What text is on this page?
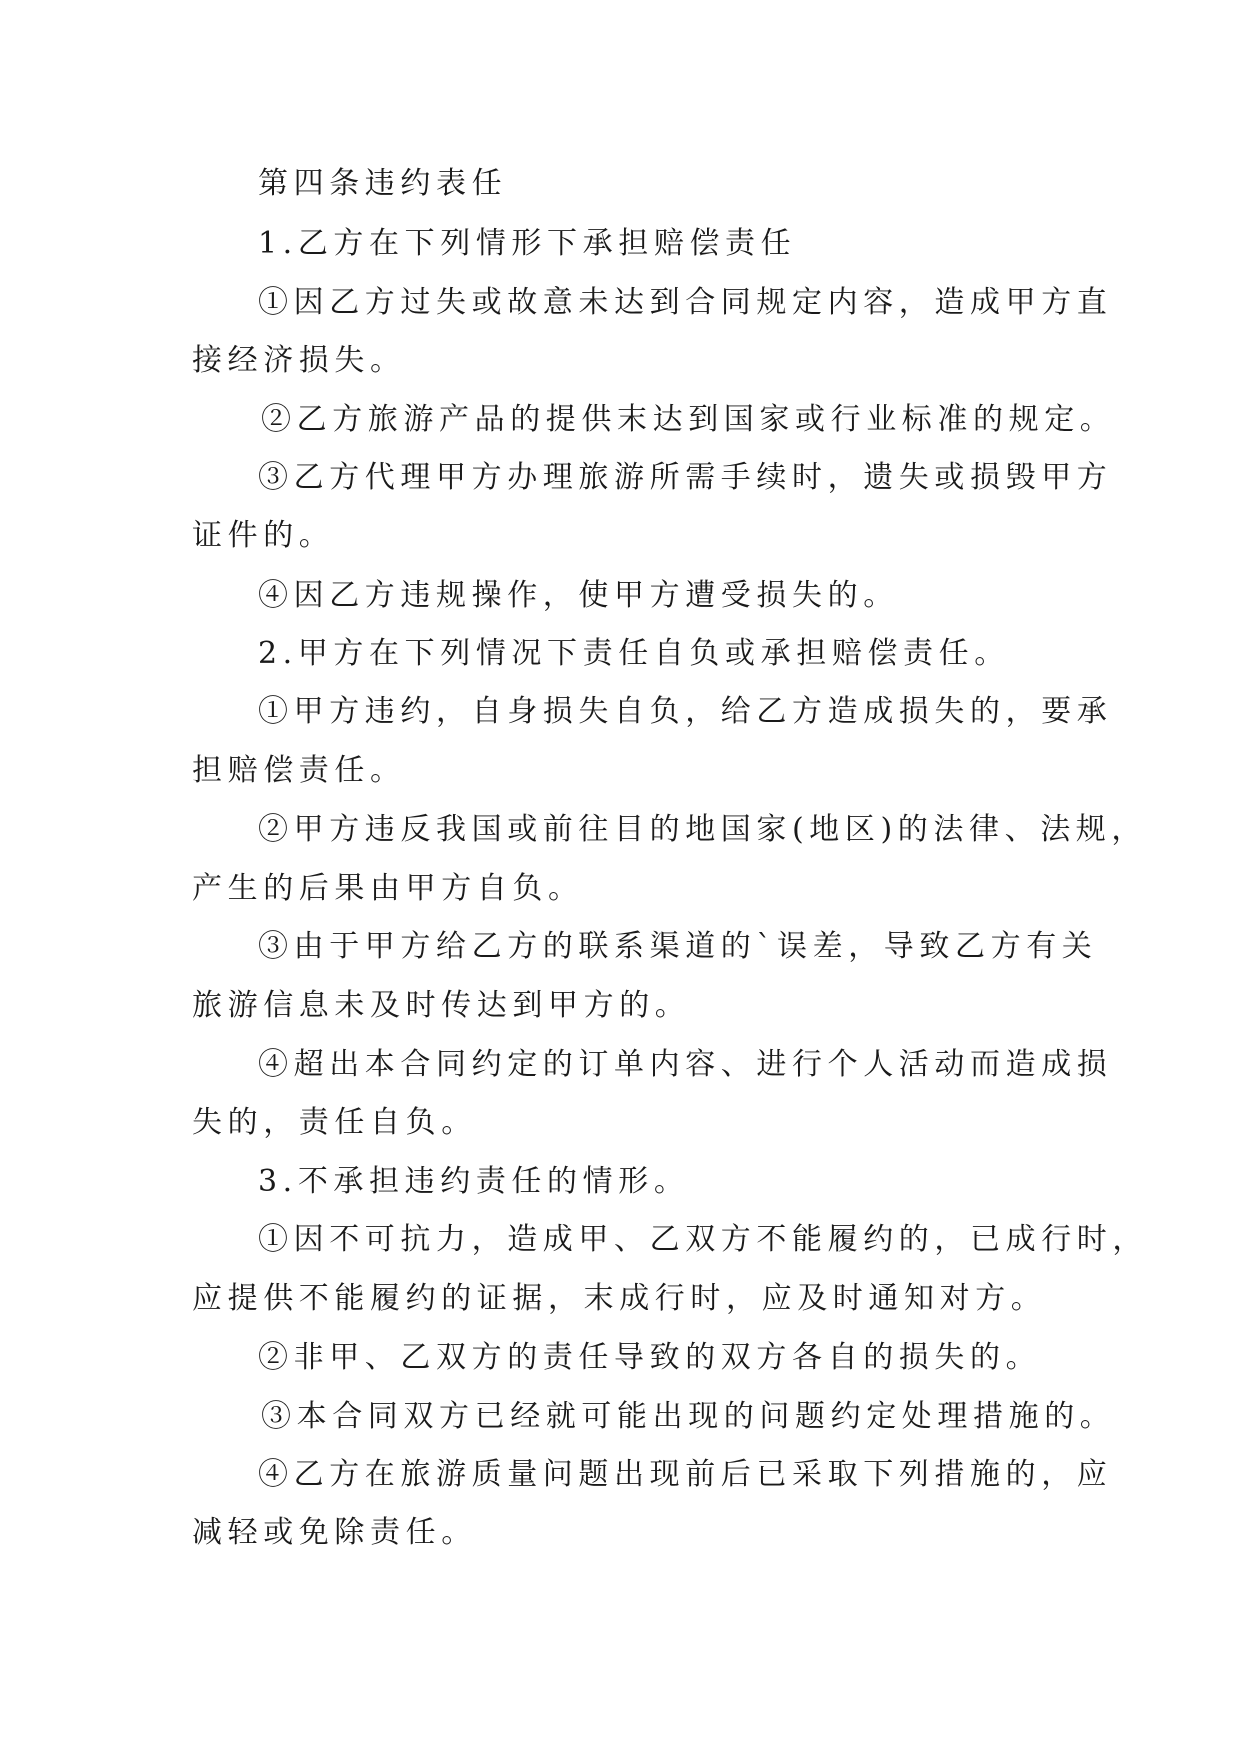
第四条违约表任
1.乙方在下列情形下承担赔偿责任
①因乙方过失或故意未达到合同规定内容，造成甲方直
接经济损失。
②乙方旅游产品的提供末达到国家或行业标准的规定。
③乙方代理甲方办理旅游所需手续时，遗失或损毁甲方
证件的。
④因乙方违规操作，使甲方遭受损失的。
2.甲方在下列情况下责任自负或承担赔偿责任。
①甲方违约，自身损失自负，给乙方造成损失的，要承
担赔偿责任。
②甲方违反我国或前往目的地国家(地区)的法律、法规，
产生的后果由甲方自负。
③由于甲方给乙方的联系渠道的`误差，导致乙方有关
旅游信息未及时传达到甲方的。
④超出本合同约定的订单内容、进行个人活动而造成损
失的，责任自负。
3.不承担违约责任的情形。
①因不可抗力，造成甲、乙双方不能履约的，已成行时，
应提供不能履约的证据，末成行时，应及时通知对方。
②非甲、乙双方的责任导致的双方各自的损失的。
③本合同双方已经就可能出现的问题约定处理措施的。
④乙方在旅游质量问题出现前后已采取下列措施的，应
减轻或免除责任。
